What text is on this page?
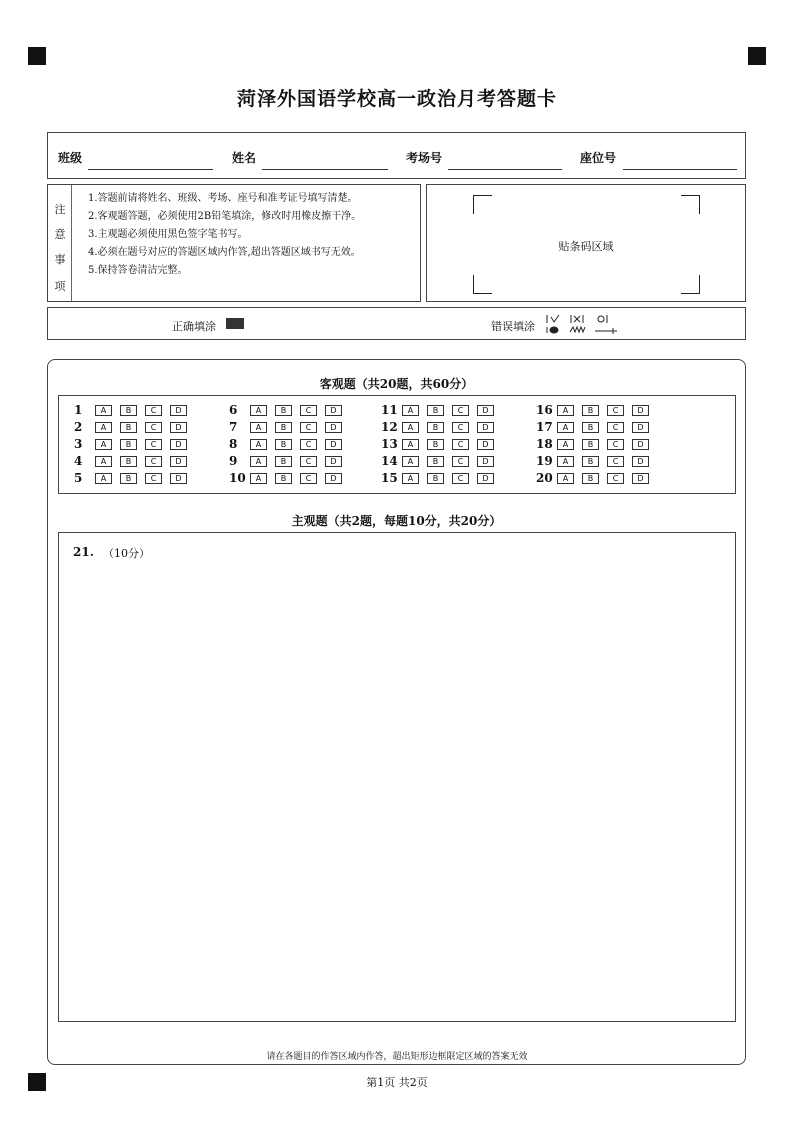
菏泽外国语学校高一政治月考答题卡
班级	姓名	考场号	座位号
注
意
事
项
1.答题前请将姓名、班级、考场、座号和准考证号填写清楚。
2.客观题答题，必须使用2B铅笔填涂，修改时用橡皮擦干净。
3.主观题必须使用黑色签字笔书写。
4.必须在题号对应的答题区域内作答,超出答题区域书写无效。
5.保持答卷清洁完整。
贴条码区域
正确填涂	错误填涂
客观题（共20题，共60分）
1	A	B	C	D
2	A	B	C	D
3	A	B	C	D
4	A	B	C	D
5	A	B	C	D
6	A	B	C	D
7	A	B	C	D
8	A	B	C	D
9	A	B	C	D
10	A	B	C	D
11	A	B	C	D
12	A	B	C	D
13	A	B	C	D
14	A	B	C	D
15	A	B	C	D
16	A	B	C	D
17	A	B	C	D
18	A	B	C	D
19	A	B	C	D
20	A	B	C	D
主观题（共2题，每题10分，共20分）
21. （10分）
请在各题目的作答区域内作答，超出矩形边框限定区域的答案无效
第1页 共2页
